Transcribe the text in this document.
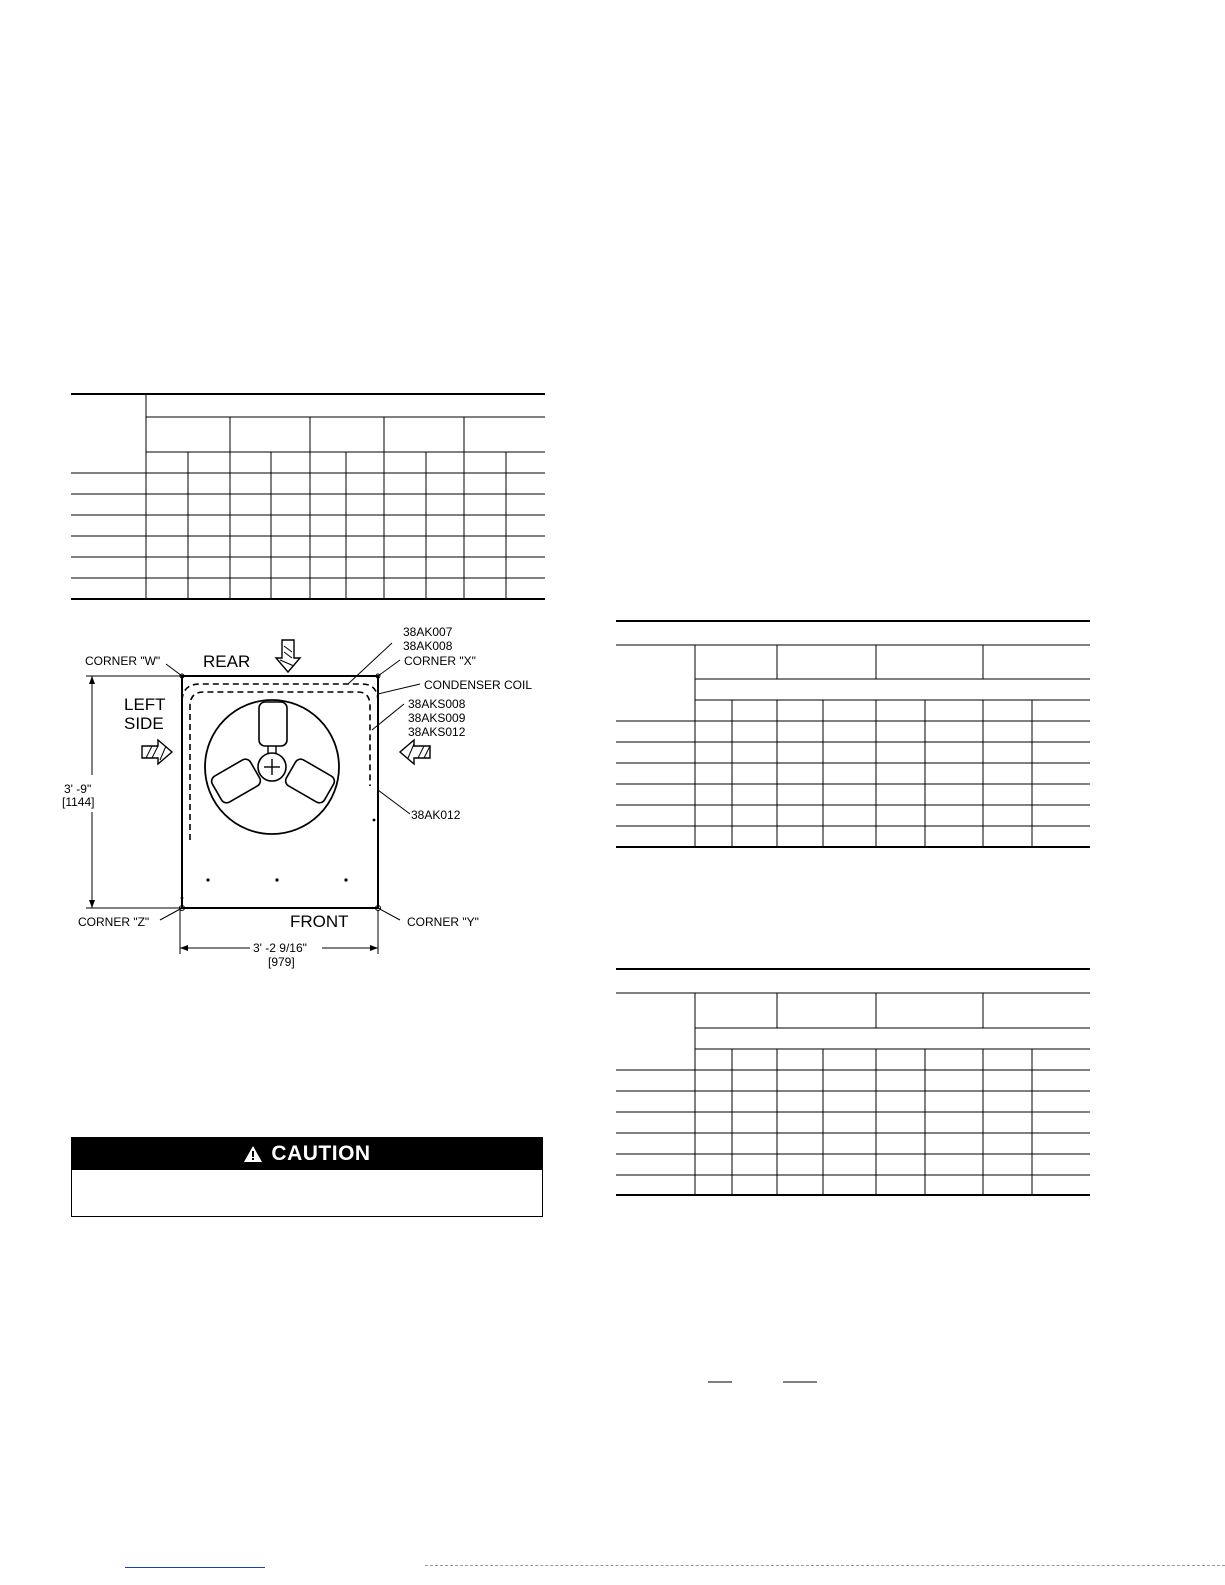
CORNER "W"	CORNER "X"
CORNER "Z"	CORNER "Y"
REAR
FRONT
LEFT
SIDE
38AK007
38AK008
CONDENSER COIL
38AKS008
38AKS009
38AKS012
38AK012
3' -9"
[1144]
3' -2 9/16"
[979]
CAUTION
